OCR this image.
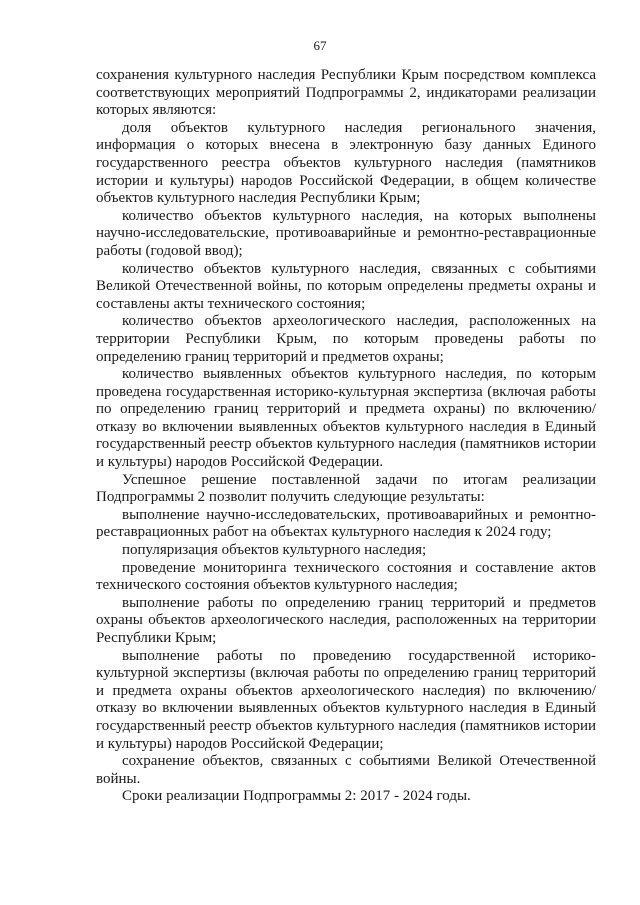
67

сохранения культурного наследия Республики Крым посредством комплекса соответствующих мероприятий Подпрограммы 2, индикаторами реализации которых являются:

доля объектов культурного наследия регионального значения, информация о которых внесена в электронную базу данных Единого государственного реестра объектов культурного наследия (памятников истории и культуры) народов Российской Федерации, в общем количестве объектов культурного наследия Республики Крым;

количество объектов культурного наследия, на которых выполнены научно-исследовательские, противоаварийные и ремонтно-реставрационные работы (годовой ввод);

количество объектов культурного наследия, связанных с событиями Великой Отечественной войны, по которым определены предметы охраны и составлены акты технического состояния;

количество объектов археологического наследия, расположенных на территории Республики Крым, по которым проведены работы по определению границ территорий и предметов охраны;

количество выявленных объектов культурного наследия, по которым проведена государственная историко-культурная экспертиза (включая работы по определению границ территорий и предмета охраны) по включению/отказу во включении выявленных объектов культурного наследия в Единый государственный реестр объектов культурного наследия (памятников истории и культуры) народов Российской Федерации.

Успешное решение поставленной задачи по итогам реализации Подпрограммы 2 позволит получить следующие результаты:

выполнение научно-исследовательских, противоаварийных и ремонтно-реставрационных работ на объектах культурного наследия к 2024 году;

популяризация объектов культурного наследия;

проведение мониторинга технического состояния и составление актов технического состояния объектов культурного наследия;

выполнение работы по определению границ территорий и предметов охраны объектов археологического наследия, расположенных на территории Республики Крым;

выполнение работы по проведению государственной историко-культурной экспертизы (включая работы по определению границ территорий и предмета охраны объектов археологического наследия) по включению/отказу во включении выявленных объектов культурного наследия в Единый государственный реестр объектов культурного наследия (памятников истории и культуры) народов Российской Федерации;

сохранение объектов, связанных с событиями Великой Отечественной войны.

Сроки реализации Подпрограммы 2: 2017 - 2024 годы.
